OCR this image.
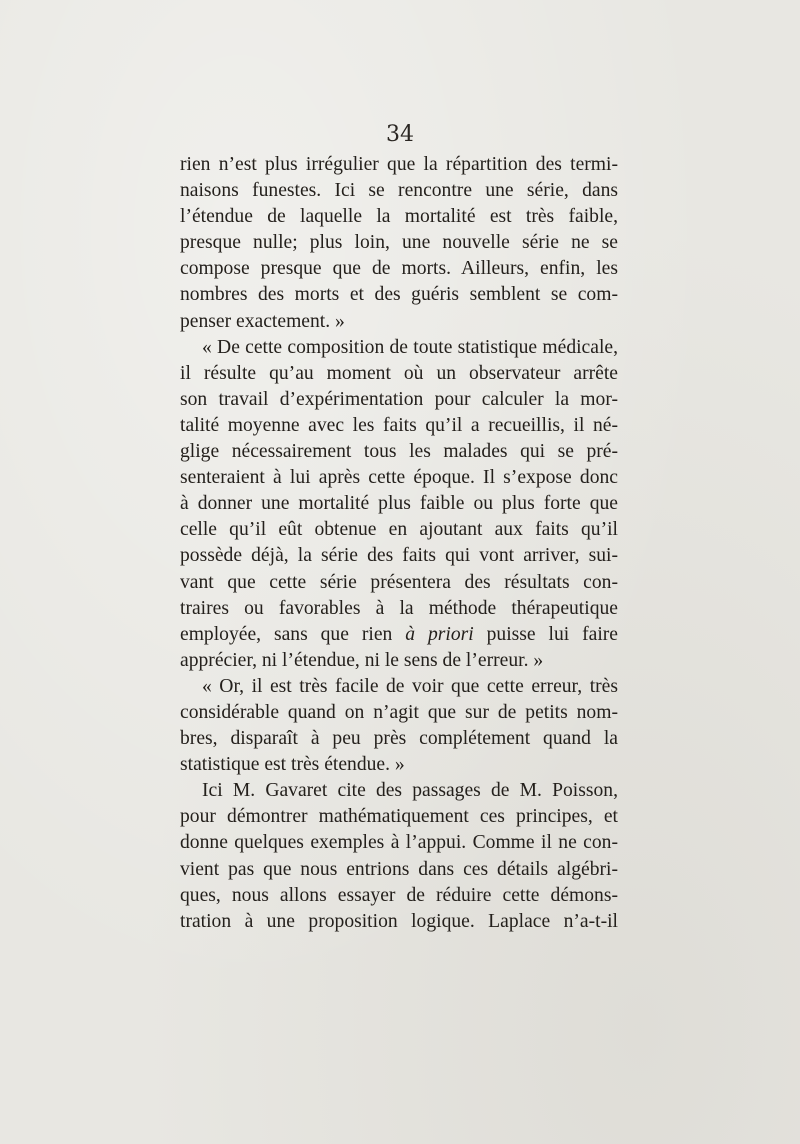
34
rien n’est plus irrégulier que la répartition des termi-
naisons funestes. Ici se rencontre une série, dans
l’étendue de laquelle la mortalité est très faible,
presque nulle; plus loin, une nouvelle série ne se
compose presque que de morts. Ailleurs, enfin, les
nombres des morts et des guéris semblent se com-
penser exactement. »
« De cette composition de toute statistique médicale,
il résulte qu’au moment où un observateur arrête
son travail d’expérimentation pour calculer la mor-
talité moyenne avec les faits qu’il a recueillis, il né-
glige nécessairement tous les malades qui se pré-
senteraient à lui après cette époque. Il s’expose donc
à donner une mortalité plus faible ou plus forte que
celle qu’il eût obtenue en ajoutant aux faits qu’il
possède déjà, la série des faits qui vont arriver, sui-
vant que cette série présentera des résultats con-
traires ou favorables à la méthode thérapeutique
employée, sans que rien à priori puisse lui faire
apprécier, ni l’étendue, ni le sens de l’erreur. »
« Or, il est très facile de voir que cette erreur, très
considérable quand on n’agit que sur de petits nom-
bres, disparaît à peu près complétement quand la
statistique est très étendue. »
Ici M. Gavaret cite des passages de M. Poisson,
pour démontrer mathématiquement ces principes, et
donne quelques exemples à l’appui. Comme il ne con-
vient pas que nous entrions dans ces détails algébri-
ques, nous allons essayer de réduire cette démons-
tration à une proposition logique. Laplace n’a-t-il
